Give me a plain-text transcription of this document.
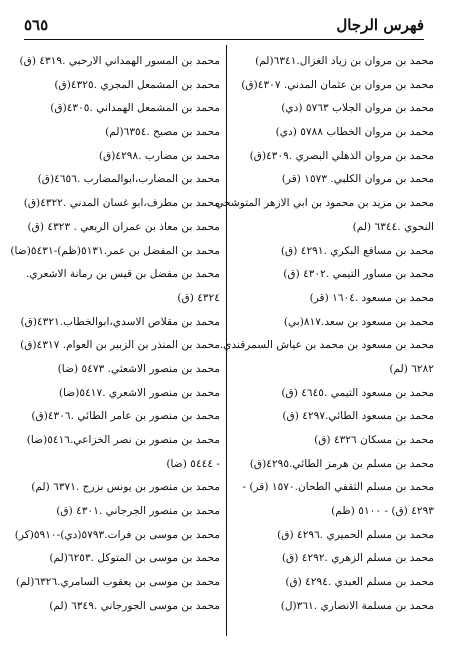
٥٦٥	فهرس الرجال
محمد بن مروان بن زياد الغزال.٦٣٤١(لم)
محمد بن مروان بن عثمان المدني. ٤٣٠٧(ق)
محمد بن مروان الجلاب ٥٧٦٣ (دي)
محمد بن مروان الخطاب ٥٧٨٨ (دي)
محمد بن مروان الذهلي البصري .٤٣٠٩(ق)
محمد بن مروان الكلبي. ١٥٧٣ (قر)
محمد بن مزيد بن محمود بن ابي الازهر المتوشحي
النحوي .٦٣٤٤ (لم)
محمد بن مسافع البكري .٤٢٩١ (ق)
محمد بن مساور التيمي .٤٣٠٢ (ق)
محمد بن مسعود .١٦٠٤ (قر)
محمد بن مسعود بن سعد.٨١٧(بي)
محمد بن مسعود بن محمد بن عياش السمرقندي.
٦٢٨٢ (لم)
محمد بن مسعود التيمي .٤٦٤٥ (ق)
محمد بن مسعود الطائي.٤٢٩٧ (ق)
محمد بن مسكان ٤٣٢٦ (ق)
محمد بن مسلم بن هرمز الطائي.٤٢٩٥(ق)
محمد بن مسلم الثقفي الطحان.١٥٧٠ (قر) -
٤٢٩٣ (ق) - ٥١٠٠ (ظم)
محمد بن مسلم الحميري .٤٢٩٦ (ق)
محمد بن مسلم الزهري .٤٢٩٢ (ق)
محمد بن مسلم العبدي .٤٢٩٤ (ق)
محمد بن مسلمة الانصاري .٣٦١(ل)
محمد بن المسور الهمداني الارحبي .٤٣١٩ (ق)
محمد بن المشمعل المجري .٤٣٢٥(ق)
محمد بن المشمعل الهمداني .٤٣٠٥(ق)
محمد بن مصبح .٦٣٥٤(لم)
محمد بن مضارب .٤٢٩٨(ق)
محمد بن المضارب،ابوالمضارب .٤٦٥٦(ق)
محمد بن مطرف،ابو غسان المدني .٤٣٢٢(ق)
محمد بن معاذ بن عمران الربعي . ٤٣٢٣ (ق)
محمد بن المفضل بن عمر.٥١٣١(ظم)-٥٤٣١(ضا)
محمد بن مفضل بن قيس بن رمانة الاشعري.
٤٣٢٤ (ق)
محمد بن مقلاص الاسدي،ابوالخطاب.٤٣٢١(ق)
محمد بن المنذر بن الزبير بن العوام. ٤٣١٧(ق)
محمد بن منصور الاشعثي. ٥٤٧٣ (ضا)
محمد بن منصور الاشعري .٥٤١٧(ضا)
محمد بن منصور بن عامر الطائي .٤٣٠٦(ق)
محمد بن منصور بن نصر الخزاعي.٥٤١٦(ضا)
- ٥٤٤٤ (ضا)
محمد بن منصور بن يونس بزرج .٦٣٧١ (لم)
محمد بن منصور الجرجاني .٤٣٠١ (ق)
محمد بن موسى بن فرات.٥٧٩٣(دي)-٥٩١٠(كر)
محمد بن موسى بن المتوكل .٦٢٥٣(لم)
محمد بن موسى بن يعقوب السامري.٦٣٢٦(لم)
محمد بن موسى الجورجاني .٦٣٤٩ (لم)
